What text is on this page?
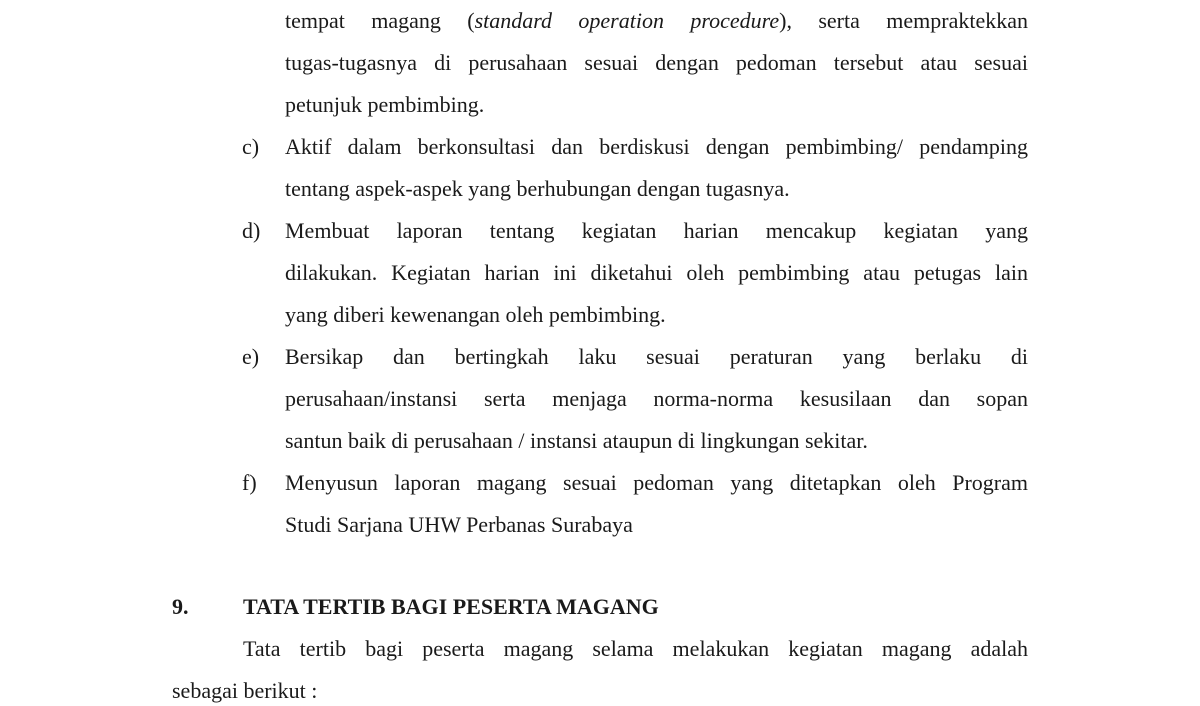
tempat magang (standard operation procedure), serta mempraktekkan
tugas-tugasnya di perusahaan sesuai dengan pedoman tersebut atau sesuai
petunjuk pembimbing.
c) Aktif dalam berkonsultasi dan berdiskusi dengan pembimbing/ pendamping
tentang aspek-aspek yang berhubungan dengan tugasnya.
d) Membuat laporan tentang kegiatan harian mencakup kegiatan yang
dilakukan. Kegiatan harian ini diketahui oleh pembimbing atau petugas lain
yang diberi kewenangan oleh pembimbing.
e) Bersikap dan bertingkah laku sesuai peraturan yang berlaku di
perusahaan/instansi serta menjaga norma-norma kesusilaan dan sopan
santun baik di perusahaan / instansi ataupun di lingkungan sekitar.
f) Menyusun laporan magang sesuai pedoman yang ditetapkan oleh Program
Studi Sarjana UHW Perbanas Surabaya
9. TATA TERTIB BAGI PESERTA MAGANG
Tata tertib bagi peserta magang selama melakukan kegiatan magang adalah
sebagai berikut :
